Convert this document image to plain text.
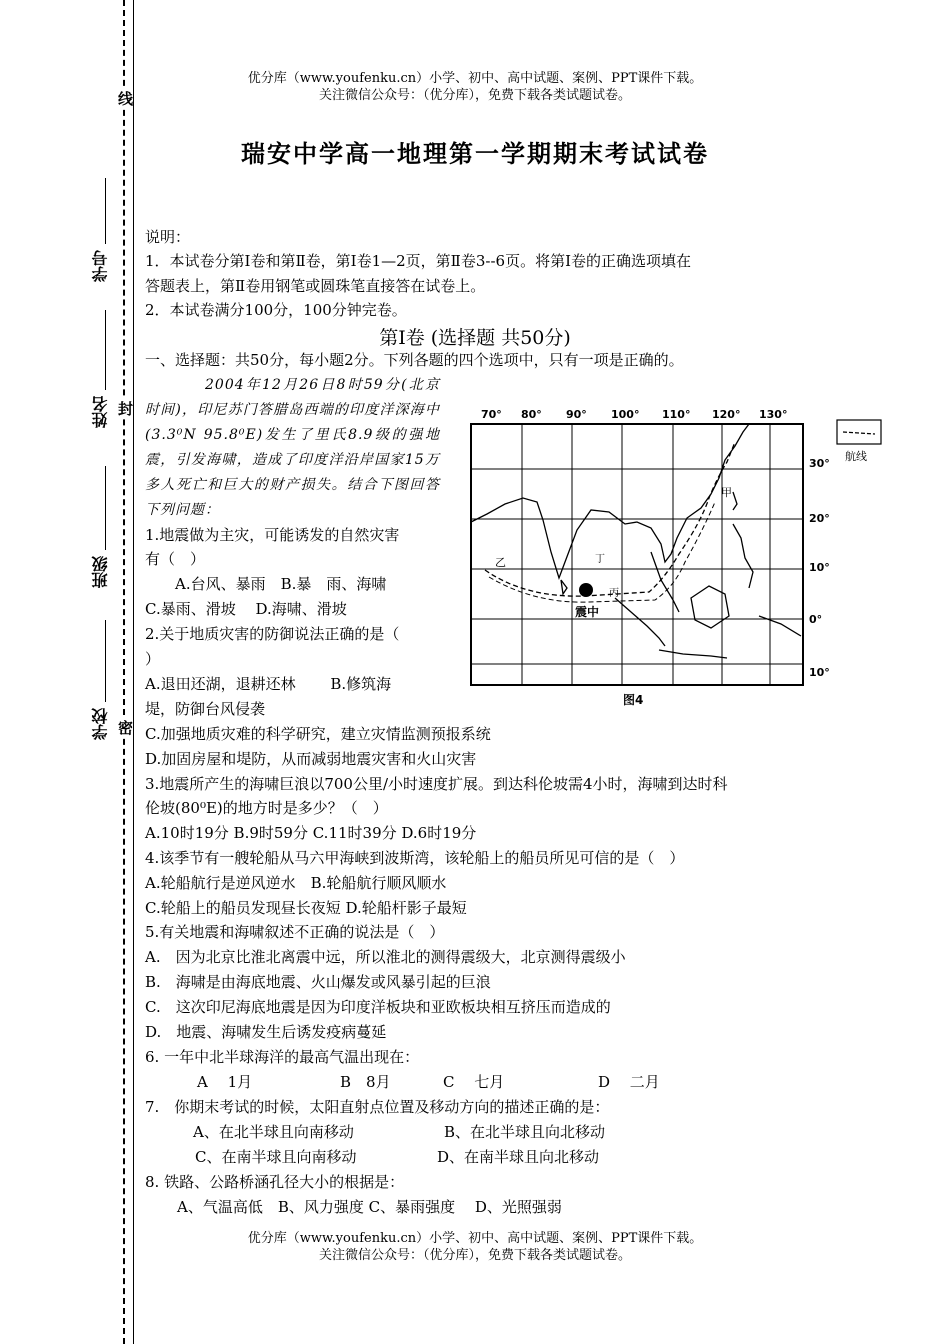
线
封
密
学号
姓名
班级
学校
优分库（www.youfenku.cn）小学、初中、高中试题、案例、PPT课件下载。
关注微信公众号：（优分库），免费下载各类试题试卷。
瑞安中学高一地理第一学期期末考试试卷
说明：
1．本试卷分第Ⅰ卷和第Ⅱ卷，第Ⅰ卷1—2页，第Ⅱ卷3--6页。将第Ⅰ卷的正确选项填在
答题表上，第Ⅱ卷用钢笔或圆珠笔直接答在试卷上。
2．本试卷满分100分，100分钟完卷。
第Ⅰ卷 (选择题 共50分)
一、选择题：共50分，每小题2分。下列各题的四个选项中，只有一项是正确的。
2004年12月26日8时59分(北京时间)，印尼苏门答腊岛西端的印度洋深海中(3.3⁰N 95.8⁰E)发生了里氏8.9级的强地震，引发海啸，造成了印度洋沿岸国家15万多人死亡和巨大的财产损失。结合下图回答下列问题：
70° 80° 90° 100° 110° 120° 130°
30°
20°
10°
0°
10°
震中
甲
乙
丙
丁
图4
航线
1.地震做为主灾，可能诱发的自然灾害
有（　）
A.台风、暴雨　B.暴　雨、海啸
C.暴雨、滑坡　 D.海啸、滑坡
2.关于地质灾害的防御说法正确的是（
）
A.退田还湖，退耕还林　　 B.修筑海
堤，防御台风侵袭
C.加强地质灾难的科学研究，建立灾情监测预报系统
D.加固房屋和堤防，从而减弱地震灾害和火山灾害
3.地震所产生的海啸巨浪以700公里/小时速度扩展。到达科伦坡需4小时，海啸到达时科
伦坡(80⁰E)的地方时是多少？（　）
A.10时19分 B.9时59分 C.11时39分 D.6时19分
4.该季节有一艘轮船从马六甲海峡到波斯湾，该轮船上的船员所见可信的是（　）
A.轮船航行是逆风逆水　B.轮船航行顺风顺水
C.轮船上的船员发现昼长夜短 D.轮船杆影子最短
5.有关地震和海啸叙述不正确的说法是（　）
A.　因为北京比淮北离震中远，所以淮北的测得震级大，北京测得震级小
B.　海啸是由海底地震、火山爆发或风暴引起的巨浪
C.　这次印尼海底地震是因为印度洋板块和亚欧板块相互挤压而造成的
D.　地震、海啸发生后诱发疫病蔓延
6. 一年中北半球海洋的最高气温出现在：
A　 1月	B　8月	C　 七月	D　 二月
7.　你期末考试的时候，太阳直射点位置及移动方向的描述正确的是：
A、在北半球且向南移动	B、在北半球且向北移动
C、在南半球且向南移动	D、在南半球且向北移动
8. 铁路、公路桥涵孔径大小的根据是：
A、气温高低　B、风力强度 C、暴雨强度　 D、光照强弱
优分库（www.youfenku.cn）小学、初中、高中试题、案例、PPT课件下载。
关注微信公众号：（优分库），免费下载各类试题试卷。
